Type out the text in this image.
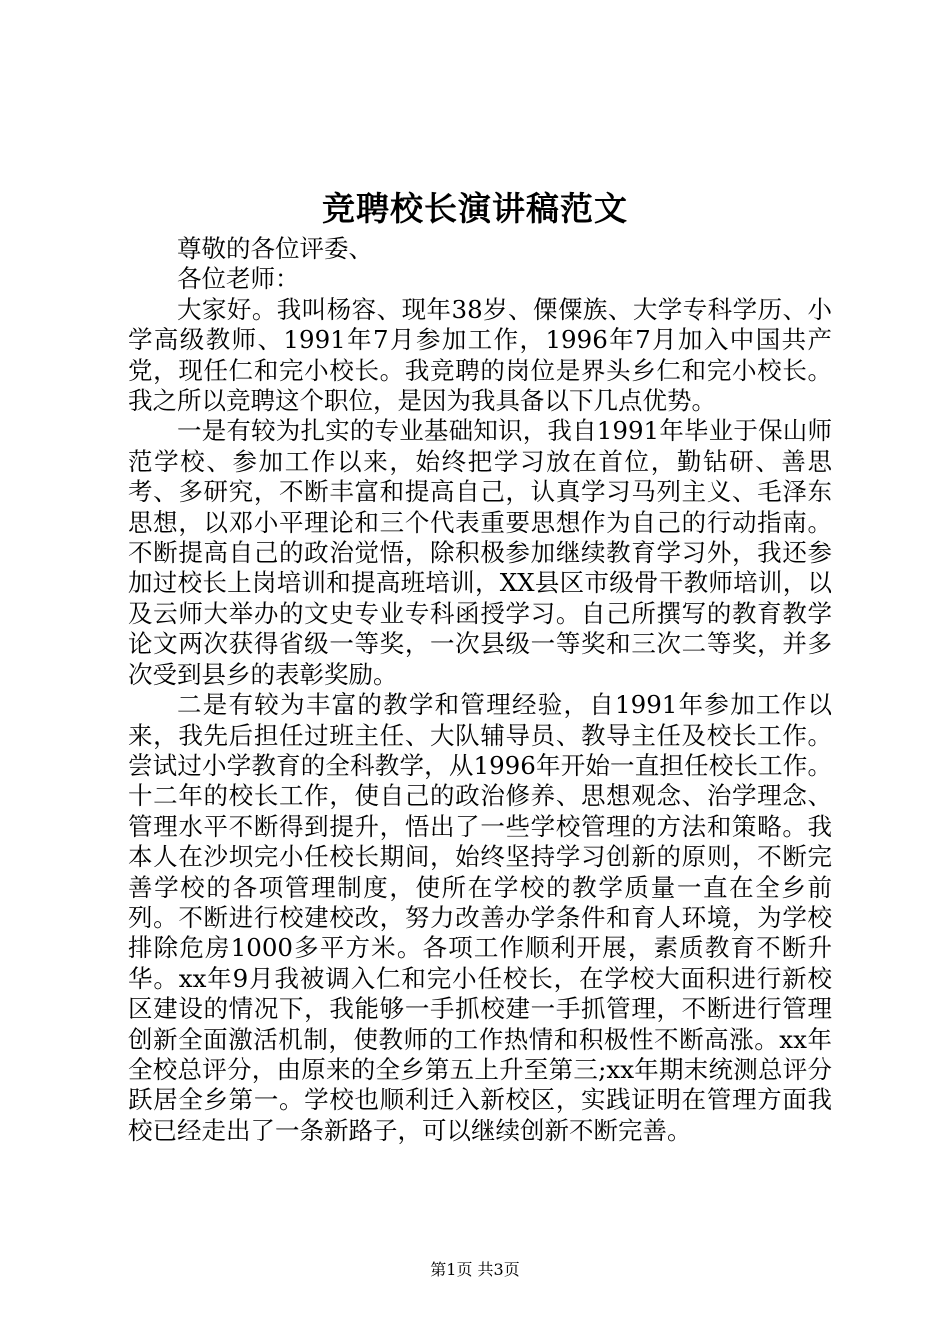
竞聘校长演讲稿范文

尊敬的各位评委、

各位老师：

大家好。我叫杨容、现年38岁、傈僳族、大学专科学历、小学高级教师、1991年7月参加工作，1996年7月加入中国共产党，现任仁和完小校长。我竞聘的岗位是界头乡仁和完小校长。我之所以竞聘这个职位，是因为我具备以下几点优势。

一是有较为扎实的专业基础知识，我自1991年毕业于保山师范学校、参加工作以来，始终把学习放在首位，勤钻研、善思考、多研究，不断丰富和提高自己，认真学习马列主义、毛泽东思想，以邓小平理论和三个代表重要思想作为自己的行动指南。不断提高自己的政治觉悟，除积极参加继续教育学习外，我还参加过校长上岗培训和提高班培训，XX县区市级骨干教师培训，以及云师大举办的文史专业专科函授学习。自己所撰写的教育教学论文两次获得省级一等奖，一次县级一等奖和三次二等奖，并多次受到县乡的表彰奖励。

二是有较为丰富的教学和管理经验，自1991年参加工作以来，我先后担任过班主任、大队辅导员、教导主任及校长工作。尝试过小学教育的全科教学，从1996年开始一直担任校长工作。十二年的校长工作，使自己的政治修养、思想观念、治学理念、管理水平不断得到提升，悟出了一些学校管理的方法和策略。我本人在沙坝完小任校长期间，始终坚持学习创新的原则，不断完善学校的各项管理制度，使所在学校的教学质量一直在全乡前列。不断进行校建校改，努力改善办学条件和育人环境，为学校排除危房1000多平方米。各项工作顺利开展，素质教育不断升华。xx年9月我被调入仁和完小任校长，在学校大面积进行新校区建设的情况下，我能够一手抓校建一手抓管理，不断进行管理创新全面激活机制，使教师的工作热情和积极性不断高涨。xx年全校总评分，由原来的全乡第五上升至第三;xx年期末统测总评分跃居全乡第一。学校也顺利迁入新校区，实践证明在管理方面我校已经走出了一条新路子，可以继续创新不断完善。

第1页 共3页
